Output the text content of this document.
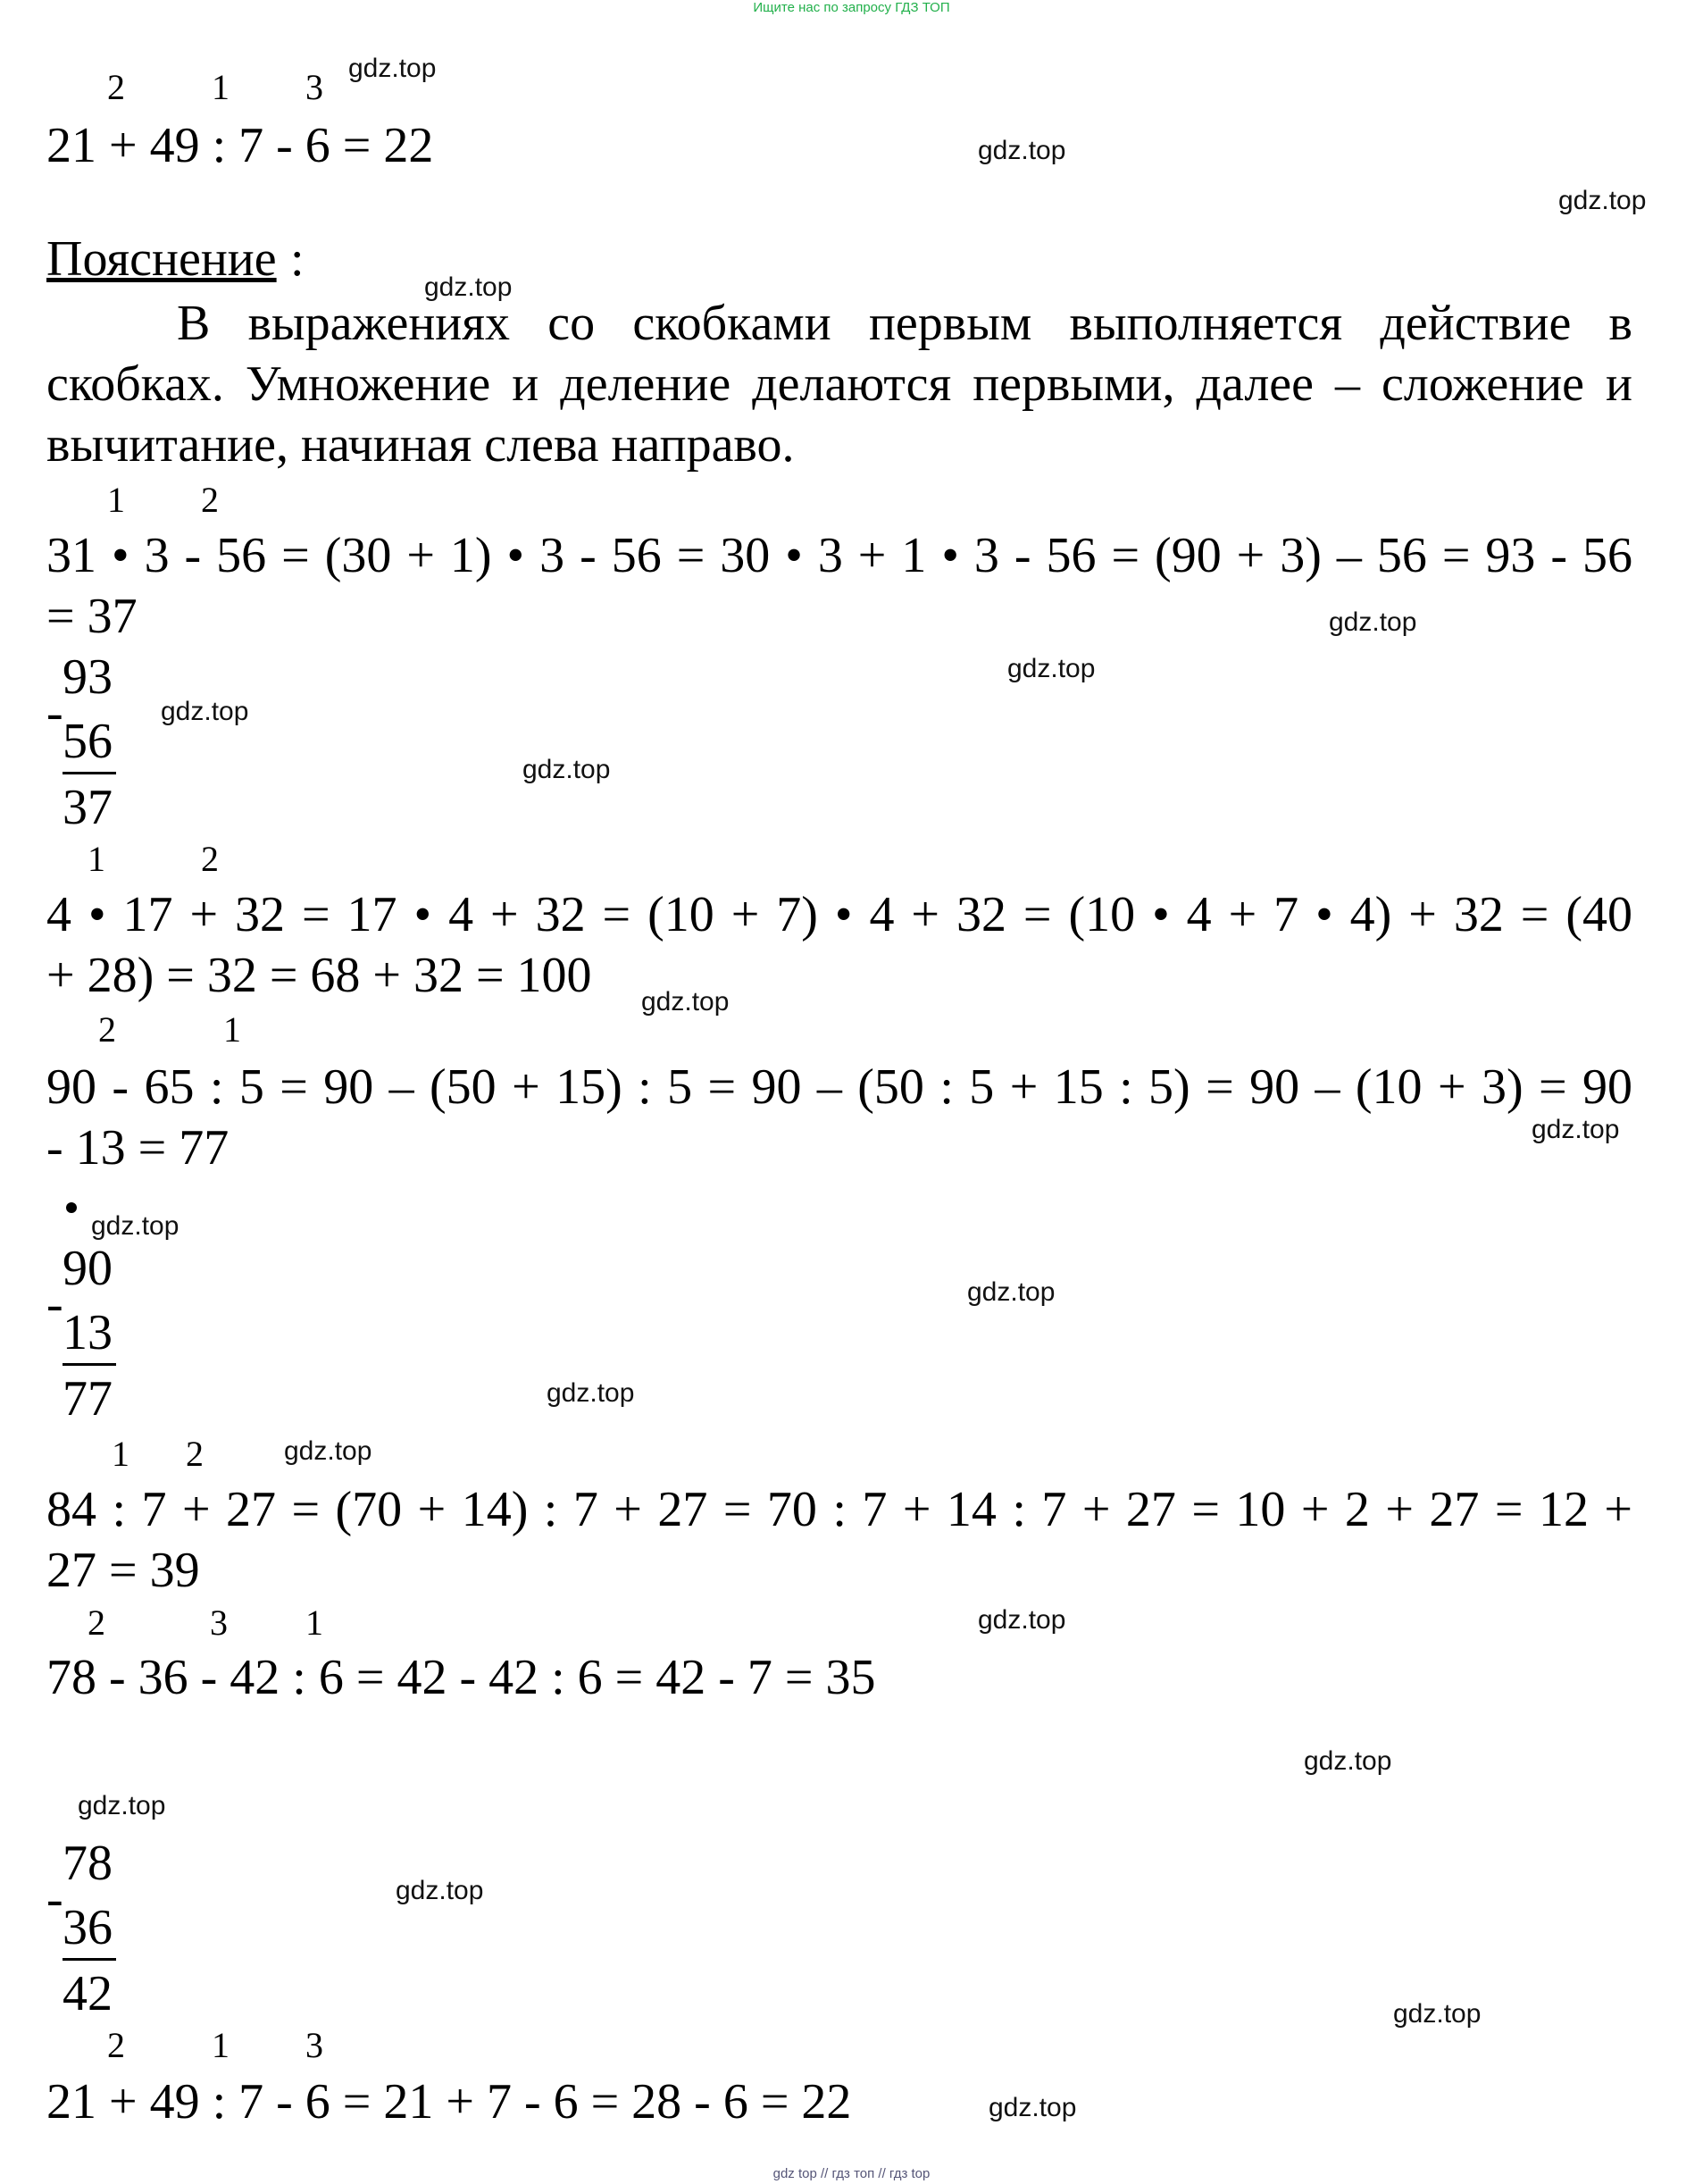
Ищите нас по запросу ГДЗ ТОП
gdz top // гдз топ // гдз top
2 1 3
21 + 49 : 7 - 6 = 22
Пояснение :
В выражениях со скобками первым выполняется действие в
скобках. Умножение и деление делаются первыми, далее – сложение и
вычитание, начиная слева направо.
1 2
31 • 3 - 56 = (30 + 1) • 3 - 56 = 30 • 3 + 1 • 3 - 56 = (90 + 3) – 56 = 93 - 56
= 37
93
-
56
37
1	2
4 • 17 + 32 = 17 • 4 + 32 = (10 + 7) • 4 + 32 = (10 • 4 + 7 • 4) + 32 = (40
+ 28) = 32 = 68 + 32 = 100
2	1
90 - 65 : 5 = 90 – (50 + 15) : 5 = 90 – (50 : 5 + 15 : 5) = 90 – (10 + 3) = 90
- 13 = 77
90
-
13
77
1 2
84 : 7 + 27 = (70 + 14) : 7 + 27 = 70 : 7 + 14 : 7 + 27 = 10 + 2 + 27 = 12 +
27 = 39
2	3 1
78 - 36 - 42 : 6 = 42 - 42 : 6 = 42 - 7 = 35
78
-
36
42
2 1 3
21 + 49 : 7 - 6 = 21 + 7 - 6 = 28 - 6 = 22
gdz.top
gdz.top
gdz.top
gdz.top
gdz.top
gdz.top
gdz.top
gdz.top
gdz.top
gdz.top
gdz.top
gdz.top
gdz.top
gdz.top
gdz.top
gdz.top
gdz.top
gdz.top
gdz.top
gdz.top
